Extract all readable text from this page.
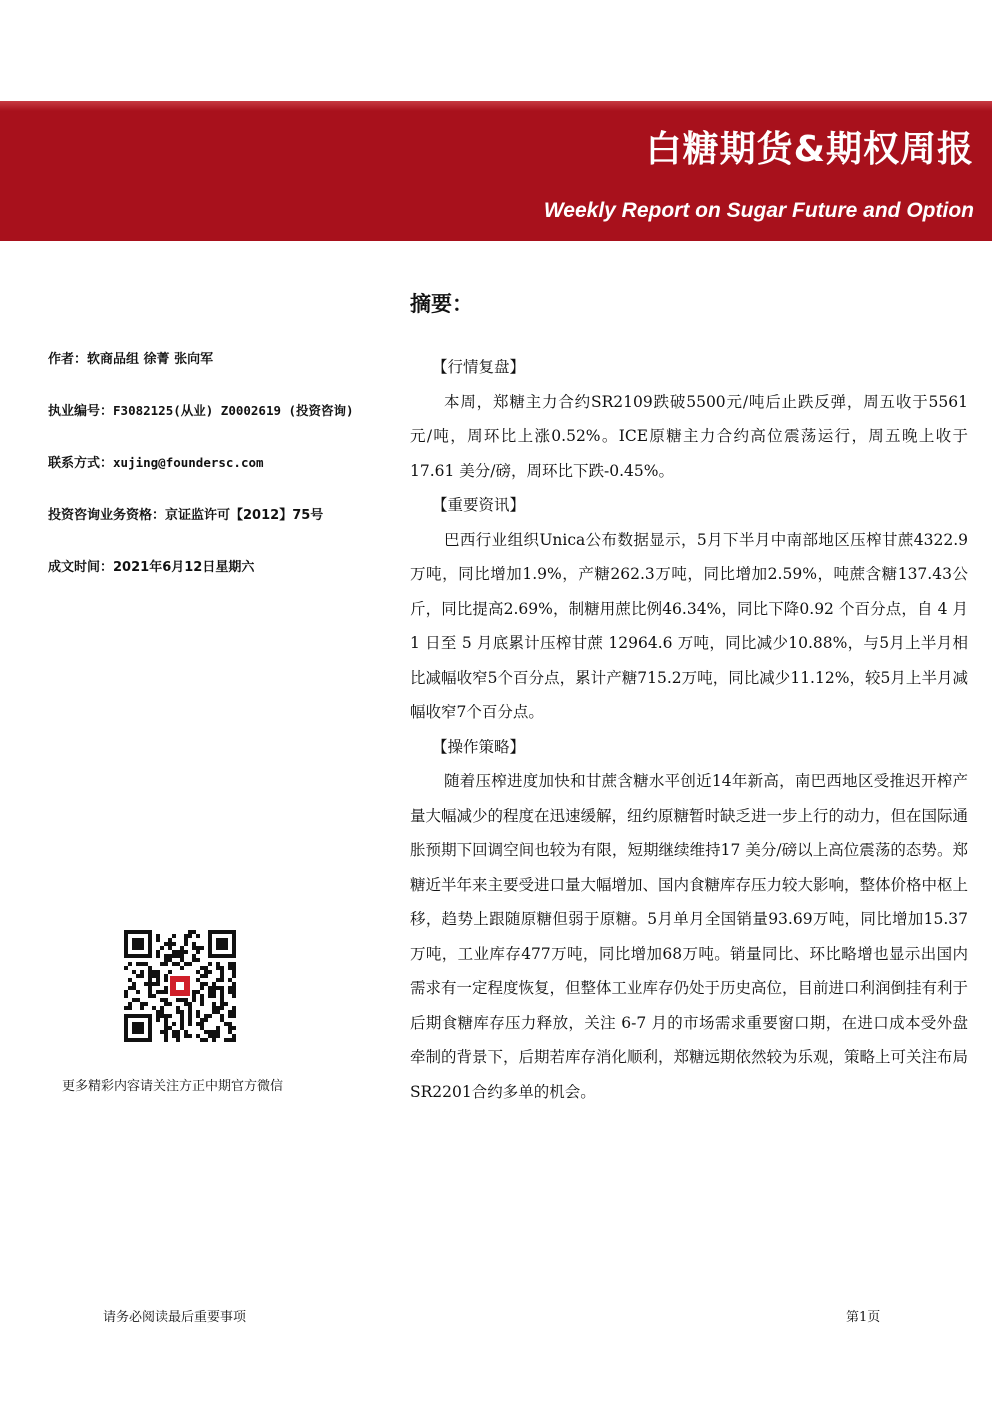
白糖期货&期权周报
Weekly Report on Sugar Future and Option
摘要：
作者：软商品组 徐菁 张向军
执业编号：F3082125(从业) Z0002619 (投资咨询)
联系方式：xujing@foundersc.com
投资咨询业务资格：京证监许可【2012】75号
成文时间：2021年6月12日星期六
【行情复盘】

本周，郑糖主力合约SR2109跌破5500元/吨后止跌反弹，周五收于5561 元/吨，周环比上涨0.52%。ICE原糖主力合约高位震荡运行，周五晚上收于17.61 美分/磅，周环比下跌-0.45%。

【重要资讯】

巴西行业组织Unica公布数据显示，5月下半月中南部地区压榨甘蔗4322.9万吨，同比增加1.9%，产糖262.3万吨，同比增加2.59%，吨蔗含糖137.43公斤，同比提高2.69%，制糖用蔗比例46.34%，同比下降0.92 个百分点，自 4 月 1 日至 5 月底累计压榨甘蔗 12964.6 万吨，同比减少10.88%，与5月上半月相比减幅收窄5个百分点，累计产糖715.2万吨，同比减少11.12%，较5月上半月减幅收窄7个百分点。

【操作策略】

随着压榨进度加快和甘蔗含糖水平创近14年新高，南巴西地区受推迟开榨产量大幅减少的程度在迅速缓解，纽约原糖暂时缺乏进一步上行的动力，但在国际通胀预期下回调空间也较为有限，短期继续维持17 美分/磅以上高位震荡的态势。郑糖近半年来主要受进口量大幅增加、国内食糖库存压力较大影响，整体价格中枢上移，趋势上跟随原糖但弱于原糖。5月单月全国销量93.69万吨，同比增加15.37万吨，工业库存477万吨，同比增加68万吨。销量同比、环比略增也显示出国内需求有一定程度恢复，但整体工业库存仍处于历史高位，目前进口利润倒挂有利于后期食糖库存压力释放，关注 6-7 月的市场需求重要窗口期，在进口成本受外盘牵制的背景下，后期若库存消化顺利，郑糖远期依然较为乐观，策略上可关注布局SR2201合约多单的机会。

更多精彩内容请关注方正中期官方微信
请务必阅读最后重要事项	第1页
